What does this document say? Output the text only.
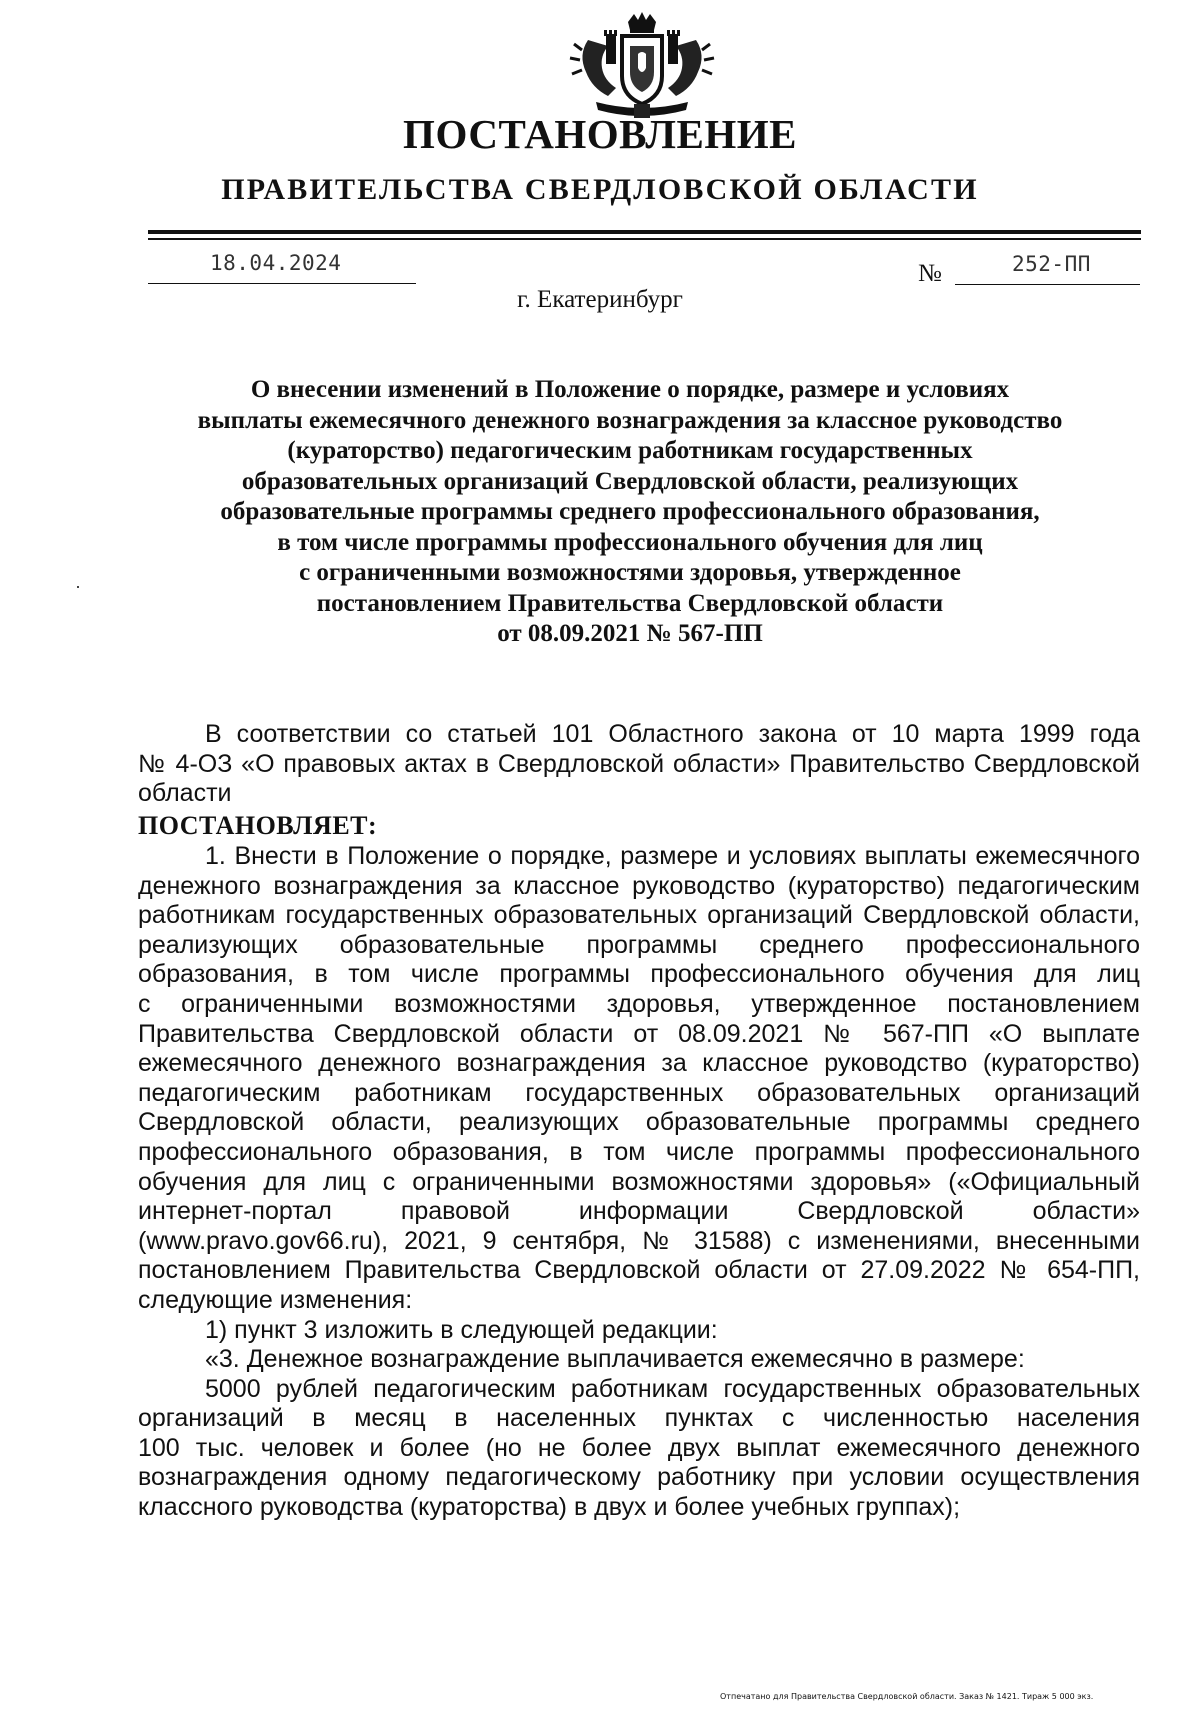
ПОСТАНОВЛЕНИЕ
ПРАВИТЕЛЬСТВА СВЕРДЛОВСКОЙ ОБЛАСТИ
18.04.2024	№	252-ПП
г. Екатеринбург
О внесении изменений в Положение о порядке, размере и условиях
выплаты ежемесячного денежного вознаграждения за классное руководство
(кураторство) педагогическим работникам государственных
образовательных организаций Свердловской области, реализующих
образовательные программы среднего профессионального образования,
в том числе программы профессионального обучения для лиц
с ограниченными возможностями здоровья, утвержденное
постановлением Правительства Свердловской области
от 08.09.2021 № 567-ПП
В соответствии со статьей 101 Областного закона от 10 марта 1999 года
№ 4-ОЗ «О правовых актах в Свердловской области» Правительство Свердловской
области
ПОСТАНОВЛЯЕТ:
1. Внести в Положение о порядке, размере и условиях выплаты ежемесячного
денежного вознаграждения за классное руководство (кураторство) педагогическим
работникам государственных образовательных организаций Свердловской области,
реализующих образовательные программы среднего профессионального
образования, в том числе программы профессионального обучения для лиц
с ограниченными возможностями здоровья, утвержденное постановлением
Правительства Свердловской области от 08.09.2021 № 567-ПП «О выплате
ежемесячного денежного вознаграждения за классное руководство (кураторство)
педагогическим работникам государственных образовательных организаций
Свердловской области, реализующих образовательные программы среднего
профессионального образования, в том числе программы профессионального
обучения для лиц с ограниченными возможностями здоровья» («Официальный
интернет-портал правовой информации Свердловской области»
(www.pravo.gov66.ru), 2021, 9 сентября, № 31588) с изменениями, внесенными
постановлением Правительства Свердловской области от 27.09.2022 № 654-ПП,
следующие изменения:
1) пункт 3 изложить в следующей редакции:
«3. Денежное вознаграждение выплачивается ежемесячно в размере:
5000 рублей педагогическим работникам государственных образовательных
организаций в месяц в населенных пунктах с численностью населения
100 тыс. человек и более (но не более двух выплат ежемесячного денежного
вознаграждения одному педагогическому работнику при условии осуществления
классного руководства (кураторства) в двух и более учебных группах);
Отпечатано для Правительства Свердловской области. Заказ № 1421. Тираж 5 000 экз.
